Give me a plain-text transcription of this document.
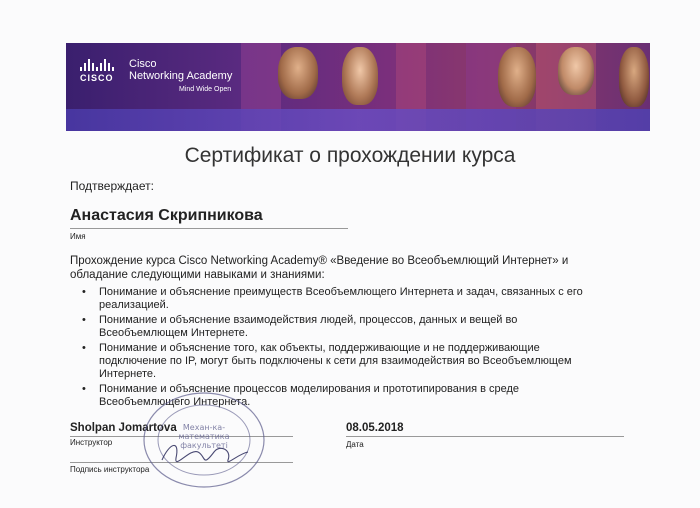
CISCO
Cisco
Networking Academy
Mind Wide Open
Сертификат о прохождении курса
Подтверждает:
Анастасия Скрипникова
Имя
Прохождение курса Cisco Networking Academy® «Введение во Всеобъемлющий Интернет» и обладание следующими навыками и знаниями:
• Понимание и объяснение преимуществ Всеобъемлющего Интернета и задач, связанных с его реализацией.
• Понимание и объяснение взаимодействия людей, процессов, данных и вещей во Всеобъемлющем Интернете.
• Понимание и объяснение того, как объекты, поддерживающие и не поддерживающие подключение по IP, могут быть подключены к сети для взаимодействия во Всеобъемлющем Интернете.
• Понимание и объяснение процессов моделирования и прототипирования в среде Всеобъемлющего Интернета.
Sholpan Jomartova
Инструктор
08.05.2018
Дата
Подпись инструктора
Механ-ка-
математика
факультеті
